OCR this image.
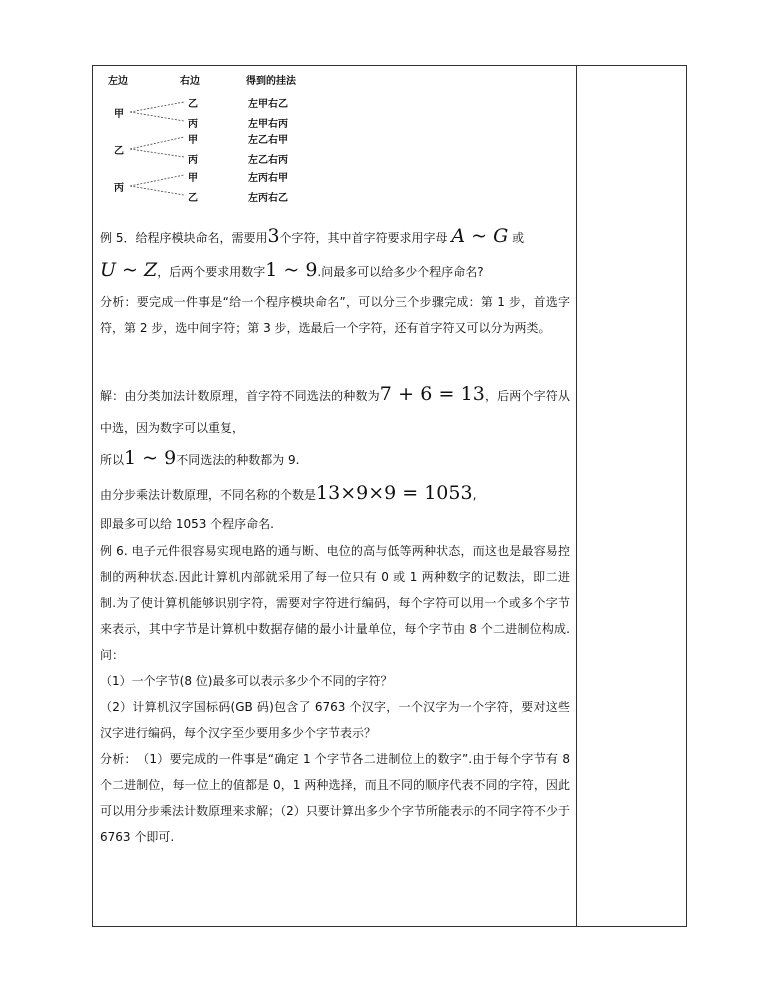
左边	右边	得到的挂法
甲
乙
丙
乙
丙
甲
丙
甲
乙
左甲右乙
左甲右丙
左乙右甲
左乙右丙
左丙右甲
左丙右乙

例 5．给程序模块命名，需要用3个字符，其中首字符要求用字母 A ~ G 或
U ~ Z，后两个要求用数字1 ~ 9.问最多可以给多少个程序命名?

分析：要完成一件事是“给一个程序模块命名”，可以分三个步骤完成：第 1 步，首选字符，第 2 步，选中间字符；第 3 步，选最后一个字符，还有首字符又可以分为两类。

解：由分类加法计数原理，首字符不同选法的种数为7 + 6 = 13，后两个字符从中选，因为数字可以重复，

所以1 ~ 9不同选法的种数都为 9.

由分步乘法计数原理，不同名称的个数是13×9×9 = 1053,

即最多可以给 1053 个程序命名.

例 6. 电子元件很容易实现电路的通与断、电位的高与低等两种状态，而这也是最容易控制的两种状态.因此计算机内部就采用了每一位只有 0 或 1 两种数字的记数法，即二进制.为了使计算机能够识别字符，需要对字符进行编码，每个字符可以用一个或多个字节来表示，其中字节是计算机中数据存储的最小计量单位，每个字节由 8 个二进制位构成.问：

（1）一个字节(8 位)最多可以表示多少个不同的字符？

（2）计算机汉字国标码(GB 码)包含了 6763 个汉字，一个汉字为一个字符，要对这些汉字进行编码，每个汉字至少要用多少个字节表示？

分析：　（1）要完成的一件事是“确定 1 个字节各二进制位上的数字”.由于每个字节有 8 个二进制位，每一位上的值都是 0，1 两种选择，而且不同的顺序代表不同的字符，因此可以用分步乘法计数原理来求解；（2）只要计算出多少个字节所能表示的不同字符不少于 6763 个即可.
